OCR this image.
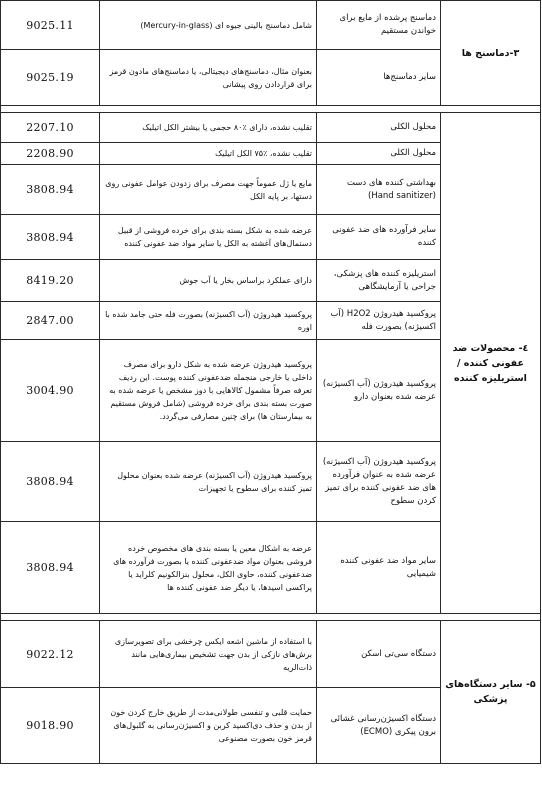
9025.11	شامل دماسنج بالینی جیوه ای (Mercury-in-glass)	دماسنج پرشده از مایع برای خواندن مستقیم	۳-دماسنج ها
9025.19	بعنوان مثال، دماسنج‌های دیجیتالی، یا دماسنج‌های مادون قرمز برای قراردادن روی پیشانی	سایر دماسنج‌ها	

2207.10	تقلیب نشده، دارای ٪۸۰ حجمی یا بیشتر الکل اتیلیک	محلول الکلی	٤- محصولات ضد عفونی کننده / استریلیزه کننده
2208.90	تقلیب نشده، ٪۷۵ الکل اتیلیک	محلول الکلی	
3808.94	مایع یا ژل عموماً جهت مصرف برای زدودن عوامل عفونی روی دستها، بر پایه الکل	بهداشتی کننده های دست (Hand sanitizer)	
3808.94	عرضه شده به شکل بسته بندی برای خرده فروشی از قبیل دستمال‌های آغشته به الکل یا سایر مواد ضد عفونی کننده	سایر فرآورده های ضد عفونی کننده	
8419.20	دارای عملکرد براساس بخار یا آب جوش	استریلیزه کننده های پزشکی، جراحی یا آزمایشگاهی	
2847.00	پروکسید هیدروژن (آب اکسیژنه) بصورت فله حتی جامد شده با اوره	پروکسید هیدروژن H2O2 (آب اکسیژنه) بصورت فله	
3004.90	پروکسید هیدروژن عرضه شده به شکل دارو برای مصرف داخلی یا خارجی منجمله ضدعفونی کننده پوست. این ردیف تعرفه صرفاً مشمول کالاهایی با دوز مشخص یا عرضه شده به صورت بسته بندی برای خرده فروشی (شامل فروش مستقیم به بیمارستان ها) برای چنین مصارفی می‌گردد.	پروکسید هیدروژن (آب اکسیژنه) عرضه شده بعنوان دارو	
3808.94	پروکسید هیدروژن (آب اکسیژنه) عرضه شده بعنوان محلول تمیز کننده برای سطوح یا تجهیزات	پروکسید هیدروژن (آب اکسیژنه) عرضه شده به عنوان فرآورده های ضد عفونی کننده برای تمیز کردن سطوح	
3808.94	عرضه به اشکال معین یا بسته بندی های مخصوص خرده فروشی بعنوان مواد ضدعفونی کننده یا بصورت فرآورده های ضدعفونی کننده، حاوی الکل، محلول بنزالکونیم کلراید یا پراکسی اسیدها، یا دیگر ضد عفونی کننده ها	سایر مواد ضد عفونی کننده شیمیایی	

9022.12	با استفاده از ماشین اشعه ایکس چرخشی برای تصویرسازی برش‌های نازکی از بدن جهت تشخیص بیماری‌هایی مانند ذات‌الریه	دستگاه سی‌تی اسکن	۵- سایر دستگاه‌های پزشکی
9018.90	حمایت قلبی و تنفسی طولانی‌مدت از طریق خارج کردن خون از بدن و حذف دی‌اکسید کربن و اکسیژن‌رسانی به گلبول‌های قرمز خون بصورت مصنوعی	دستگاه اکسیژن‌رسانی غشائی برون پیکری (ECMO)	
